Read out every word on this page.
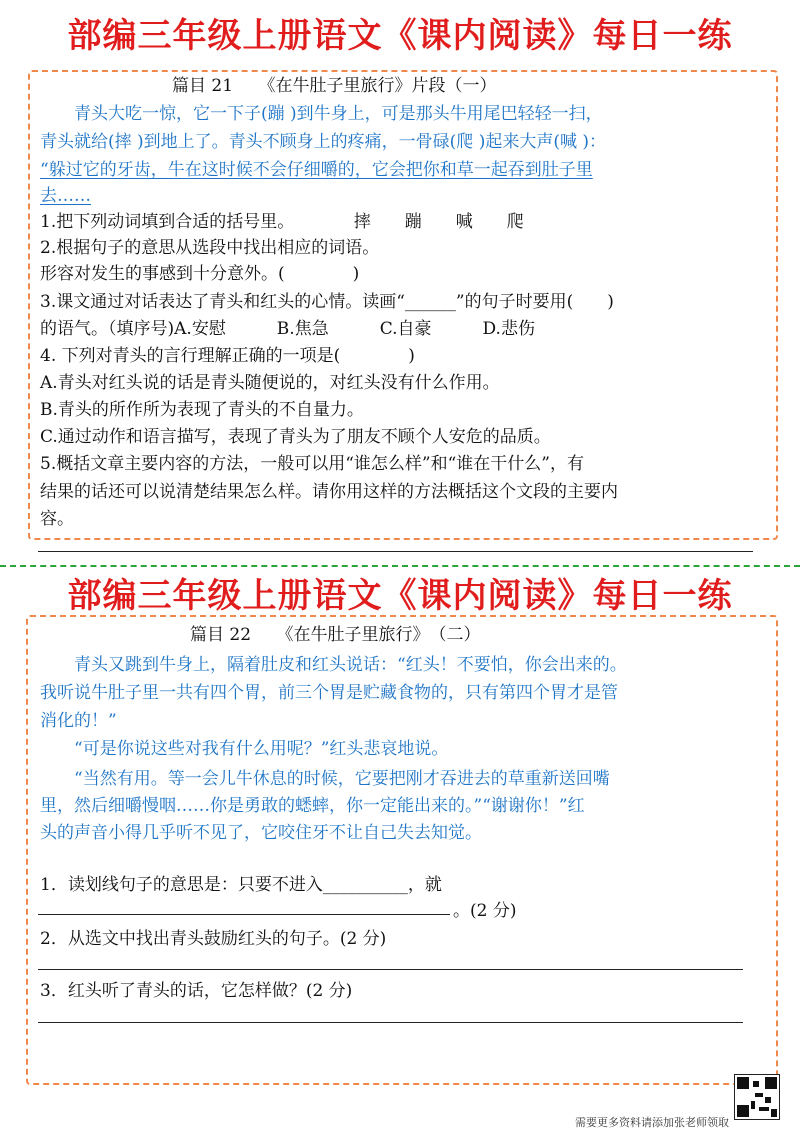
部编三年级上册语文《课内阅读》每日一练
篇目 21　　《在牛肚子里旅行》片段（一）
　　青头大吃一惊，它一下子(蹦 )到牛身上，可是那头牛用尾巴轻轻一扫，
青头就给(摔 )到地上了。青头不顾身上的疼痛，一骨碌(爬 )起来大声(喊 )：
“躲过它的牙齿，牛在这时候不会仔细嚼的，它会把你和草一起吞到肚子里
去……
1.把下列动词填到合适的括号里。　　　　摔　　蹦　　喊　　爬
2.根据句子的意思从选段中找出相应的词语。
形容对发生的事感到十分意外。(　　　　)
3.课文通过对话表达了青头和红头的心情。读画“______”的句子时要用(　　)
的语气。（填序号)A.安慰　　　B.焦急　　　C.自豪　　　D.悲伤
4. 下列对青头的言行理解正确的一项是(　　　　)
A.青头对红头说的话是青头随便说的，对红头没有什么作用。
B.青头的所作所为表现了青头的不自量力。
C.通过动作和语言描写，表现了青头为了朋友不顾个人安危的品质。
5.概括文章主要内容的方法，一般可以用“谁怎么样”和“谁在干什么”，有
结果的话还可以说清楚结果怎么样。请你用这样的方法概括这个文段的主要内
容。
部编三年级上册语文《课内阅读》每日一练
篇目 22　　《在牛肚子里旅行》　（二）
　　青头又跳到牛身上，隔着肚皮和红头说话：“红头！不要怕，你会出来的。
我听说牛肚子里一共有四个胃，前三个胃是贮藏食物的，只有第四个胃才是管
消化的！”
　　“可是你说这些对我有什么用呢？”红头悲哀地说。
　　“当然有用。等一会儿牛休息的时候，它要把刚才吞进去的草重新送回嘴
里，然后细嚼慢咽……你是勇敢的蟋蟀，你一定能出来的。”“谢谢你！”红
头的声音小得几乎听不见了，它咬住牙不让自己失去知觉。
1．读划线句子的意思是：只要不进入__________，就
。(2 分)
2．从选文中找出青头鼓励红头的句子。(2 分)
3．红头听了青头的话，它怎样做？(2 分)
需要更多资料请添加张老师领取
